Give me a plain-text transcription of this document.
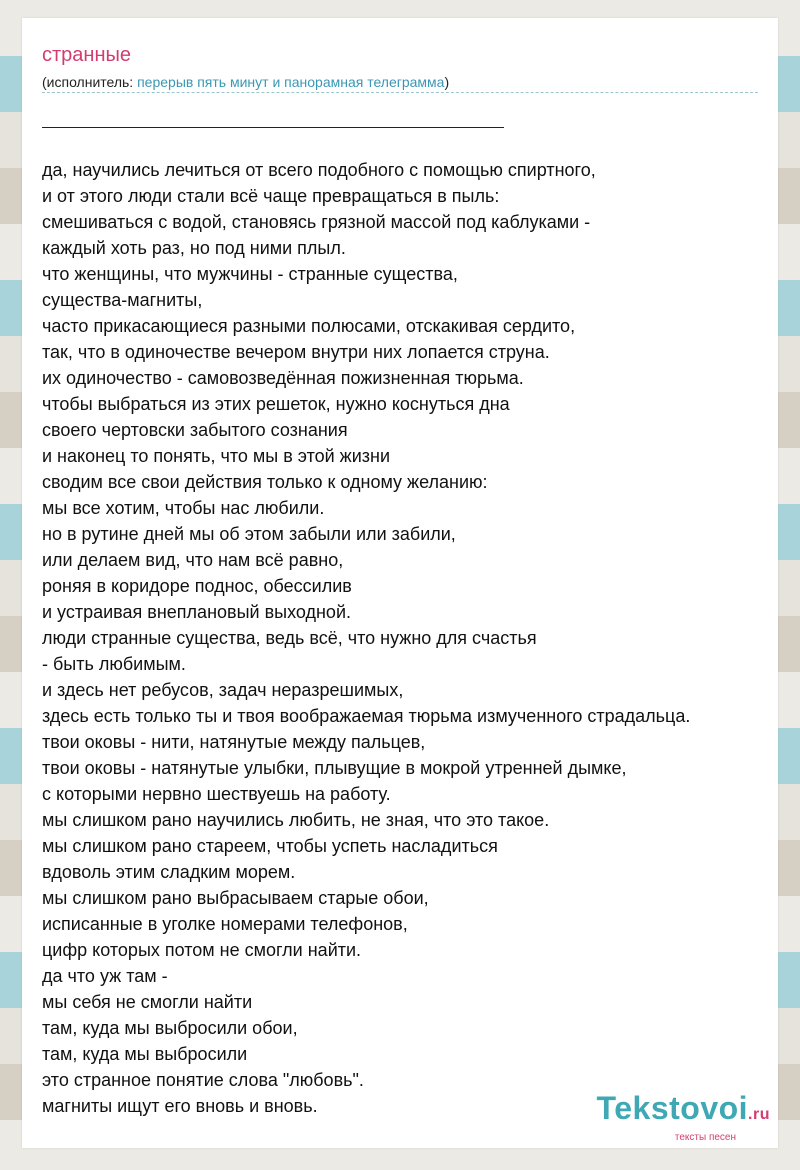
странные
(исполнитель: перерыв пять минут и панорамная телеграмма)
да, научились лечиться от всего подобного с помощью спиртного,
и от этого люди стали всё чаще превращаться в пыль:
смешиваться с водой, становясь грязной массой под каблуками -
каждый хоть раз, но под ними плыл.
что женщины, что мужчины - странные существа,
существа-магниты,
часто прикасающиеся разными полюсами, отскакивая сердито,
так, что в одиночестве вечером внутри них лопается струна.
их одиночество - самовозведённая пожизненная тюрьма.
чтобы выбраться из этих решеток, нужно коснуться дна
своего чертовски забытого сознания
и наконец то понять, что мы в этой жизни
сводим все свои действия только к одному желанию:
мы все хотим, чтобы нас любили.
но в рутине дней мы об этом забыли или забили,
или делаем вид, что нам всё равно,
роняя в коридоре поднос, обессилив
и устраивая внеплановый выходной.
люди странные существа, ведь всё, что нужно для счастья
- быть любимым.
и здесь нет ребусов, задач неразрешимых,
здесь есть только ты и твоя воображаемая тюрьма измученного страдальца.
твои оковы - нити, натянутые между пальцев,
твои оковы - натянутые улыбки, плывущие в мокрой утренней дымке,
с которыми нервно шествуешь на работу.
мы слишком рано научились любить, не зная, что это такое.
мы слишком рано стареем, чтобы успеть насладиться
вдоволь этим сладким морем.
мы слишком рано выбрасываем старые обои,
исписанные в уголке номерами телефонов,
цифр которых потом не смогли найти.
да что уж там -
мы себя не смогли найти
там, куда мы выбросили обои,
там, куда мы выбросили
это странное понятие слова "любовь".
магниты ищут его вновь и вновь.	Tekstovoi.ru
тексты песен
